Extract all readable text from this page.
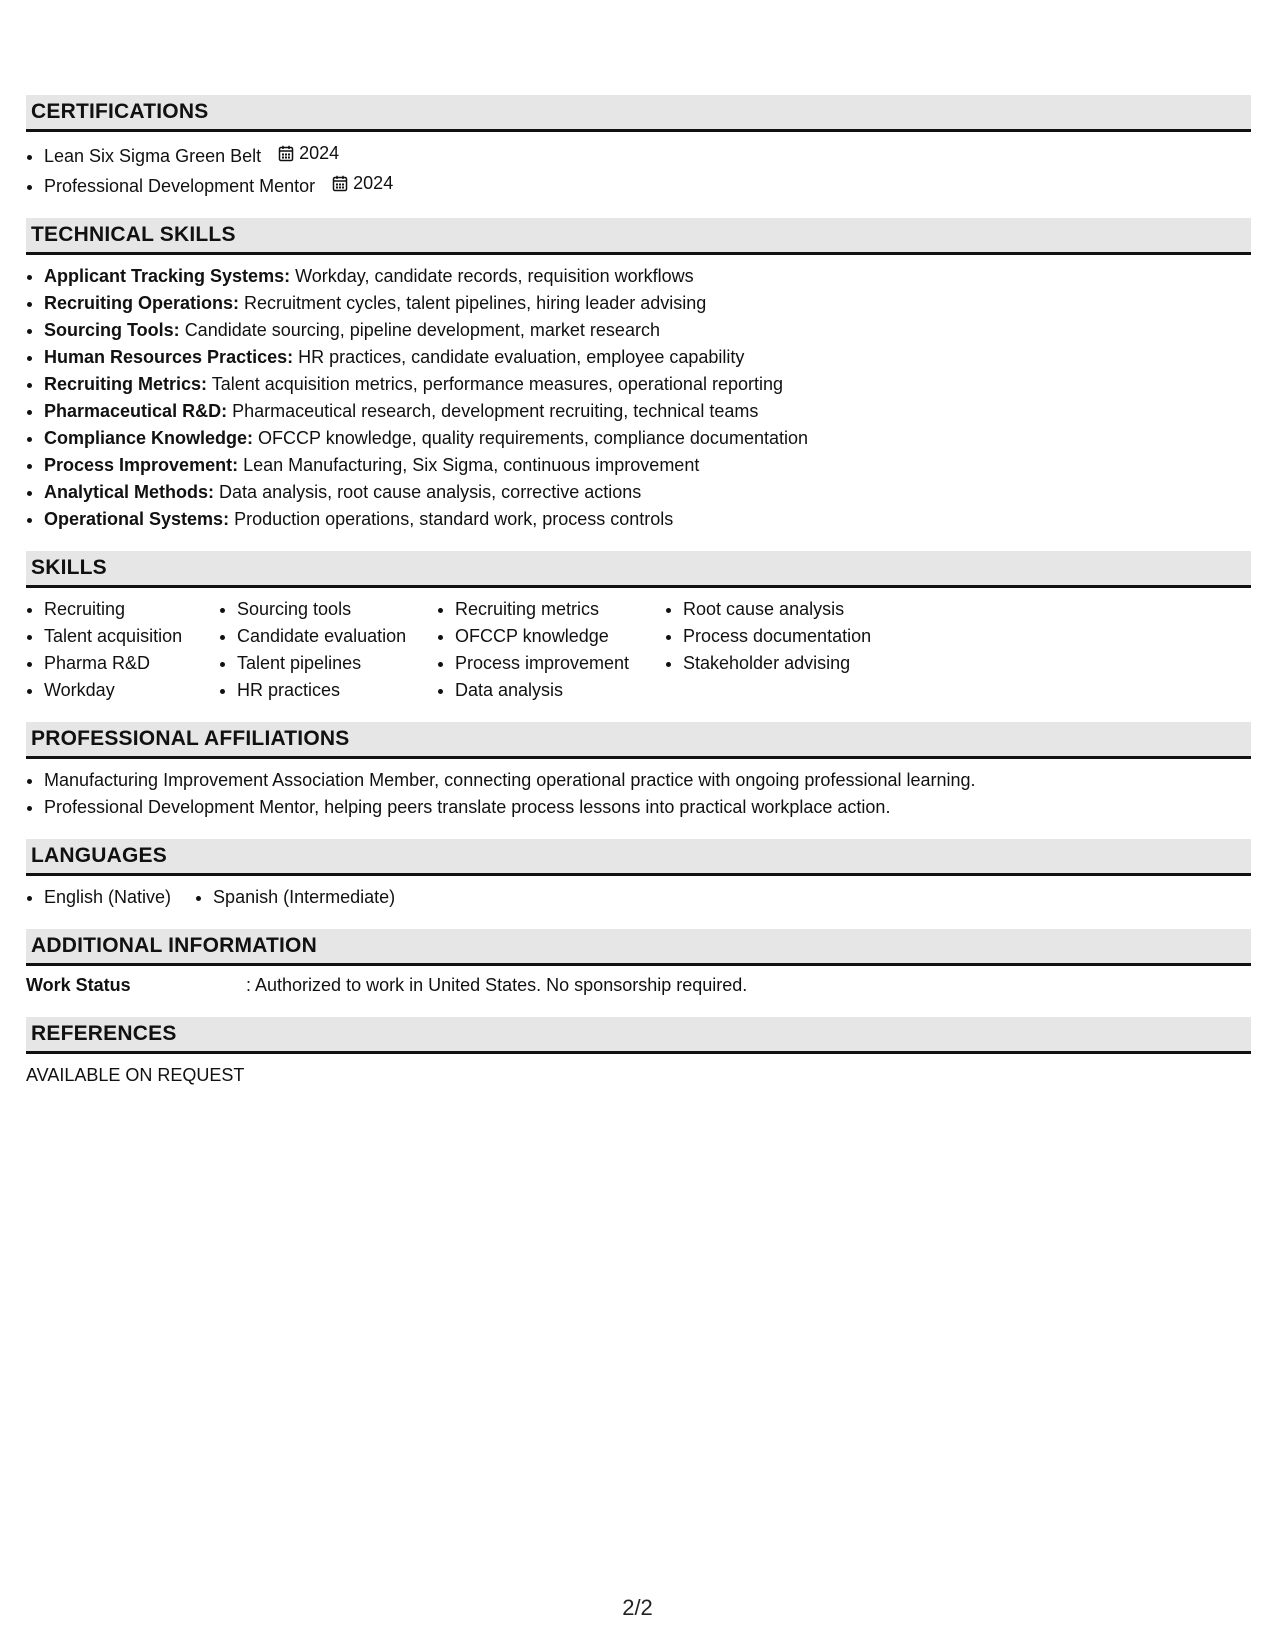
CERTIFICATIONS
• Lean Six Sigma Green Belt 2024
• Professional Development Mentor 2024
TECHNICAL SKILLS
• Applicant Tracking Systems: Workday, candidate records, requisition workflows
• Recruiting Operations: Recruitment cycles, talent pipelines, hiring leader advising
• Sourcing Tools: Candidate sourcing, pipeline development, market research
• Human Resources Practices: HR practices, candidate evaluation, employee capability
• Recruiting Metrics: Talent acquisition metrics, performance measures, operational reporting
• Pharmaceutical R&D: Pharmaceutical research, development recruiting, technical teams
• Compliance Knowledge: OFCCP knowledge, quality requirements, compliance documentation
• Process Improvement: Lean Manufacturing, Six Sigma, continuous improvement
• Analytical Methods: Data analysis, root cause analysis, corrective actions
• Operational Systems: Production operations, standard work, process controls
SKILLS
• Recruiting
• Talent acquisition
• Pharma R&D
• Workday
• Sourcing tools
• Candidate evaluation
• Talent pipelines
• HR practices
• Recruiting metrics
• OFCCP knowledge
• Process improvement
• Data analysis
• Root cause analysis
• Process documentation
• Stakeholder advising
PROFESSIONAL AFFILIATIONS
• Manufacturing Improvement Association Member, connecting operational practice with ongoing professional learning.
• Professional Development Mentor, helping peers translate process lessons into practical workplace action.
LANGUAGES
• English (Native)
• Spanish (Intermediate)
ADDITIONAL INFORMATION
Work Status	: Authorized to work in United States. No sponsorship required.
REFERENCES
AVAILABLE ON REQUEST
2/2
